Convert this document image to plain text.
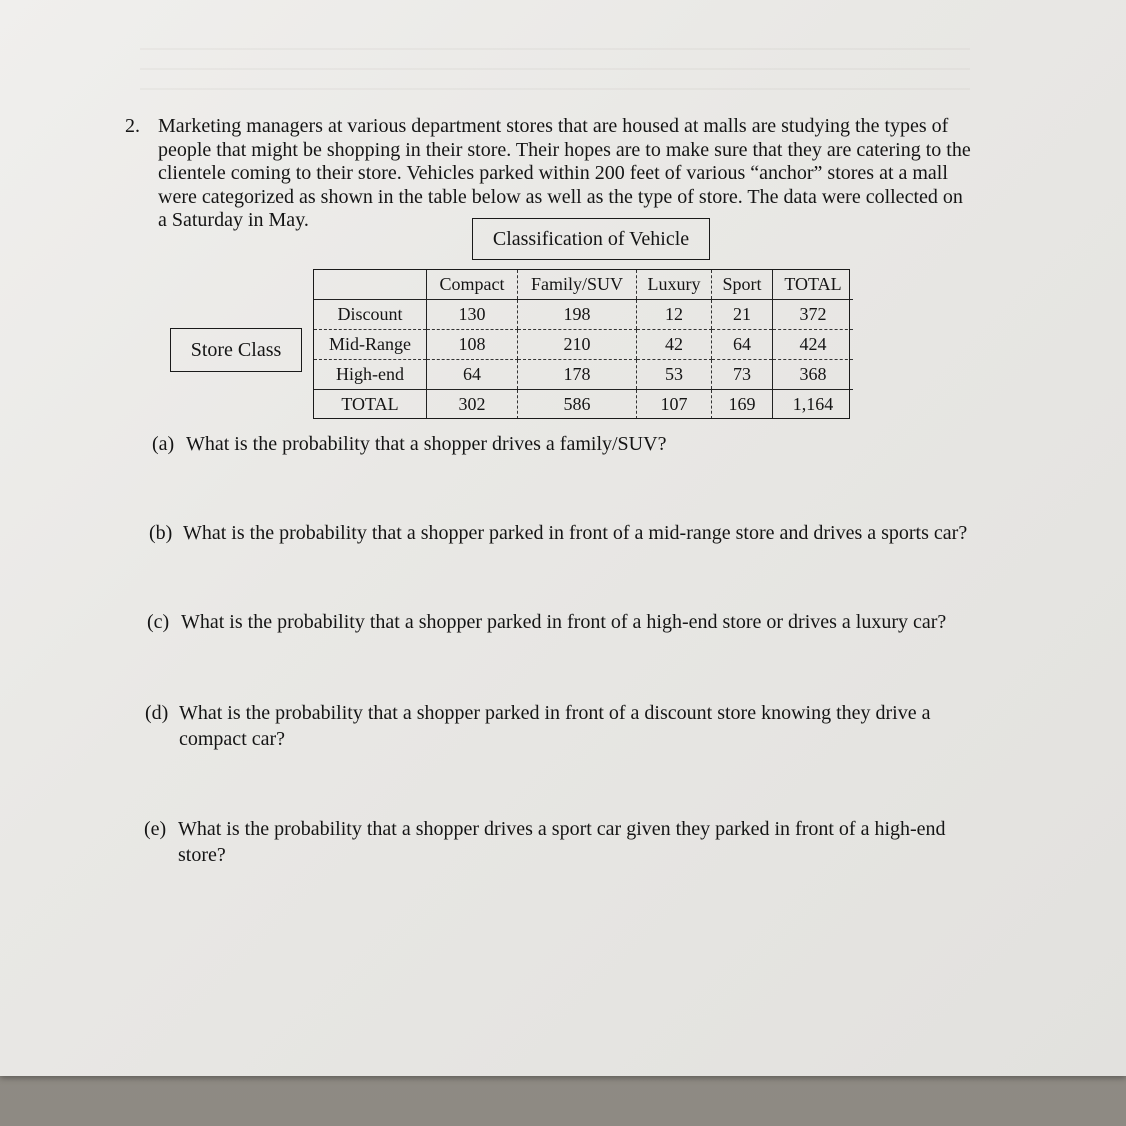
2. Marketing managers at various department stores that are housed at malls are studying the types of
people that might be shopping in their store. Their hopes are to make sure that they are catering to the
clientele coming to their store. Vehicles parked within 200 feet of various “anchor” stores at a mall
were categorized as shown in the table below as well as the type of store. The data were collected on
a Saturday in May.

Classification of Vehicle
Store Class
	Compact	Family/SUV	Luxury	Sport	TOTAL
Discount	130	198	12	21	372
Mid-Range	108	210	42	64	424
High-end	64	178	53	73	368
TOTAL	302	586	107	169	1,164

(a) What is the probability that a shopper drives a family/SUV?

(b) What is the probability that a shopper parked in front of a mid-range store and drives a sports car?

(c) What is the probability that a shopper parked in front of a high-end store or drives a luxury car?

(d) What is the probability that a shopper parked in front of a discount store knowing they drive a
compact car?

(e) What is the probability that a shopper drives a sport car given they parked in front of a high-end
store?
